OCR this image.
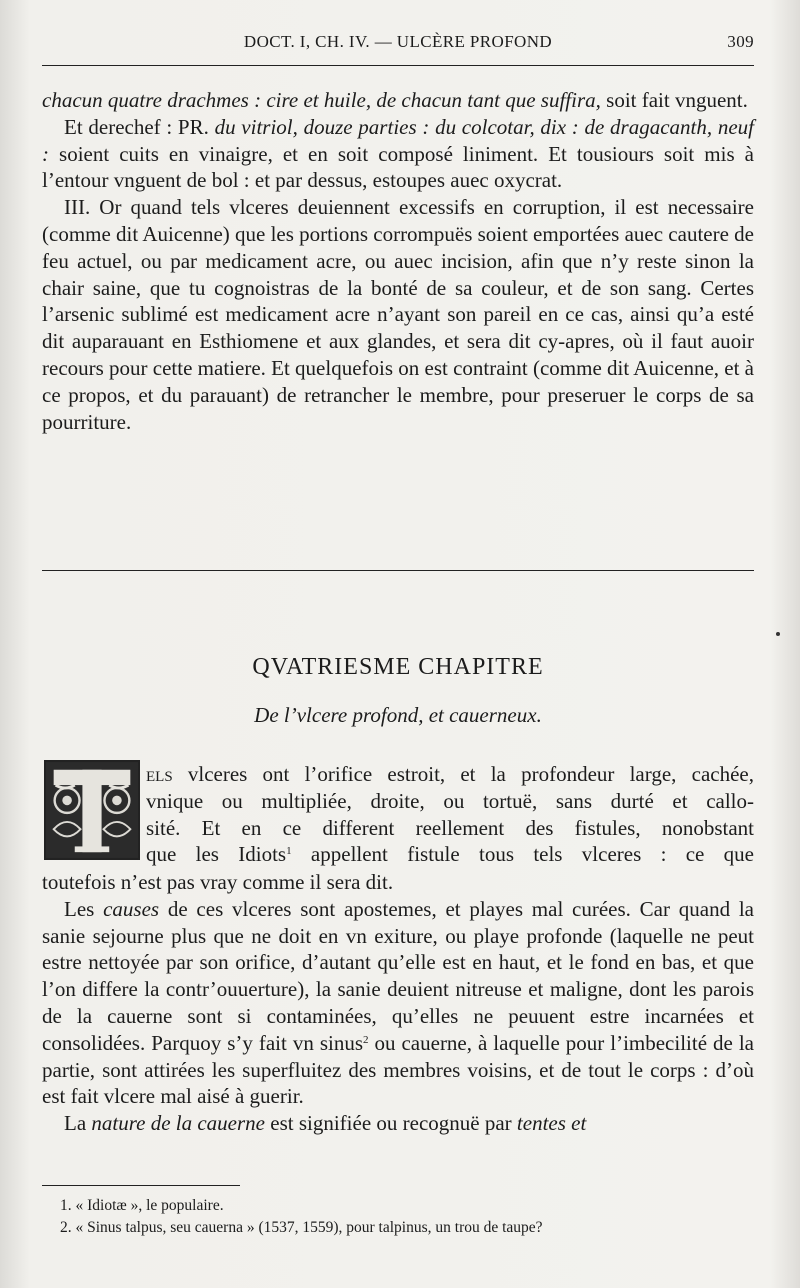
DOCT. I, CH. IV. — ULCÈRE PROFOND	309

chacun quatre drachmes : cire et huile, de chacun tant que suffira, soit fait vnguent.

Et derechef : PR. du vitriol, douze parties : du colcotar, dix : de dragacanth, neuf : soient cuits en vinaigre, et en soit composé liniment. Et tousiours soit mis à l’entour vnguent de bol : et par dessus, estoupes auec oxycrat.

III. Or quand tels vlceres deuiennent excessifs en corruption, il est necessaire (comme dit Auicenne) que les portions corrompuës soient emportées auec cautere de feu actuel, ou par medicament acre, ou auec incision, afin que n’y reste sinon la chair saine, que tu cognoistras de la bonté de sa couleur, et de son sang. Certes l’arsenic sublimé est medicament acre n’ayant son pareil en ce cas, ainsi qu’a esté dit auparauant en Esthiomene et aux glandes, et sera dit cy-apres, où il faut auoir recours pour cette matiere. Et quelquefois on est contraint (comme dit Auicenne, et à ce propos, et du parauant) de retrancher le membre, pour preseruer le corps de sa pourriture.

QVATRIESME CHAPITRE
De l’vlcere profond, et cauerneux.
els vlceres ont l’orifice estroit, et la profondeur large, cachée,
vnique ou multipliée, droite, ou tortuë, sans durté et callo-
sité. Et en ce different reellement des fistules, nonobstant
que les Idiots$^1$ appellent fistule tous tels vlceres : ce que

toutefois n’est pas vray comme il sera dit.

Les causes de ces vlceres sont apostemes, et playes mal curées. Car quand la sanie sejourne plus que ne doit en vn exiture, ou playe profonde (laquelle ne peut estre nettoyée par son orifice, d’autant qu’elle est en haut, et le fond en bas, et que l’on differe la contr’ouuerture), la sanie deuient nitreuse et maligne, dont les parois de la cauerne sont si contaminées, qu’elles ne peuuent estre incarnées et consolidées. Parquoy s’y fait vn sinus$^2$ ou cauerne, à laquelle pour l’imbecilité de la partie, sont attirées les superfluitez des membres voisins, et de tout le corps : d’où est fait vlcere mal aisé à guerir.

La nature de la cauerne est signifiée ou recognuë par tentes et

1. « Idiotæ », le populaire.
2. « Sinus talpus, seu cauerna » (1537, 1559), pour talpinus, un trou de taupe?
